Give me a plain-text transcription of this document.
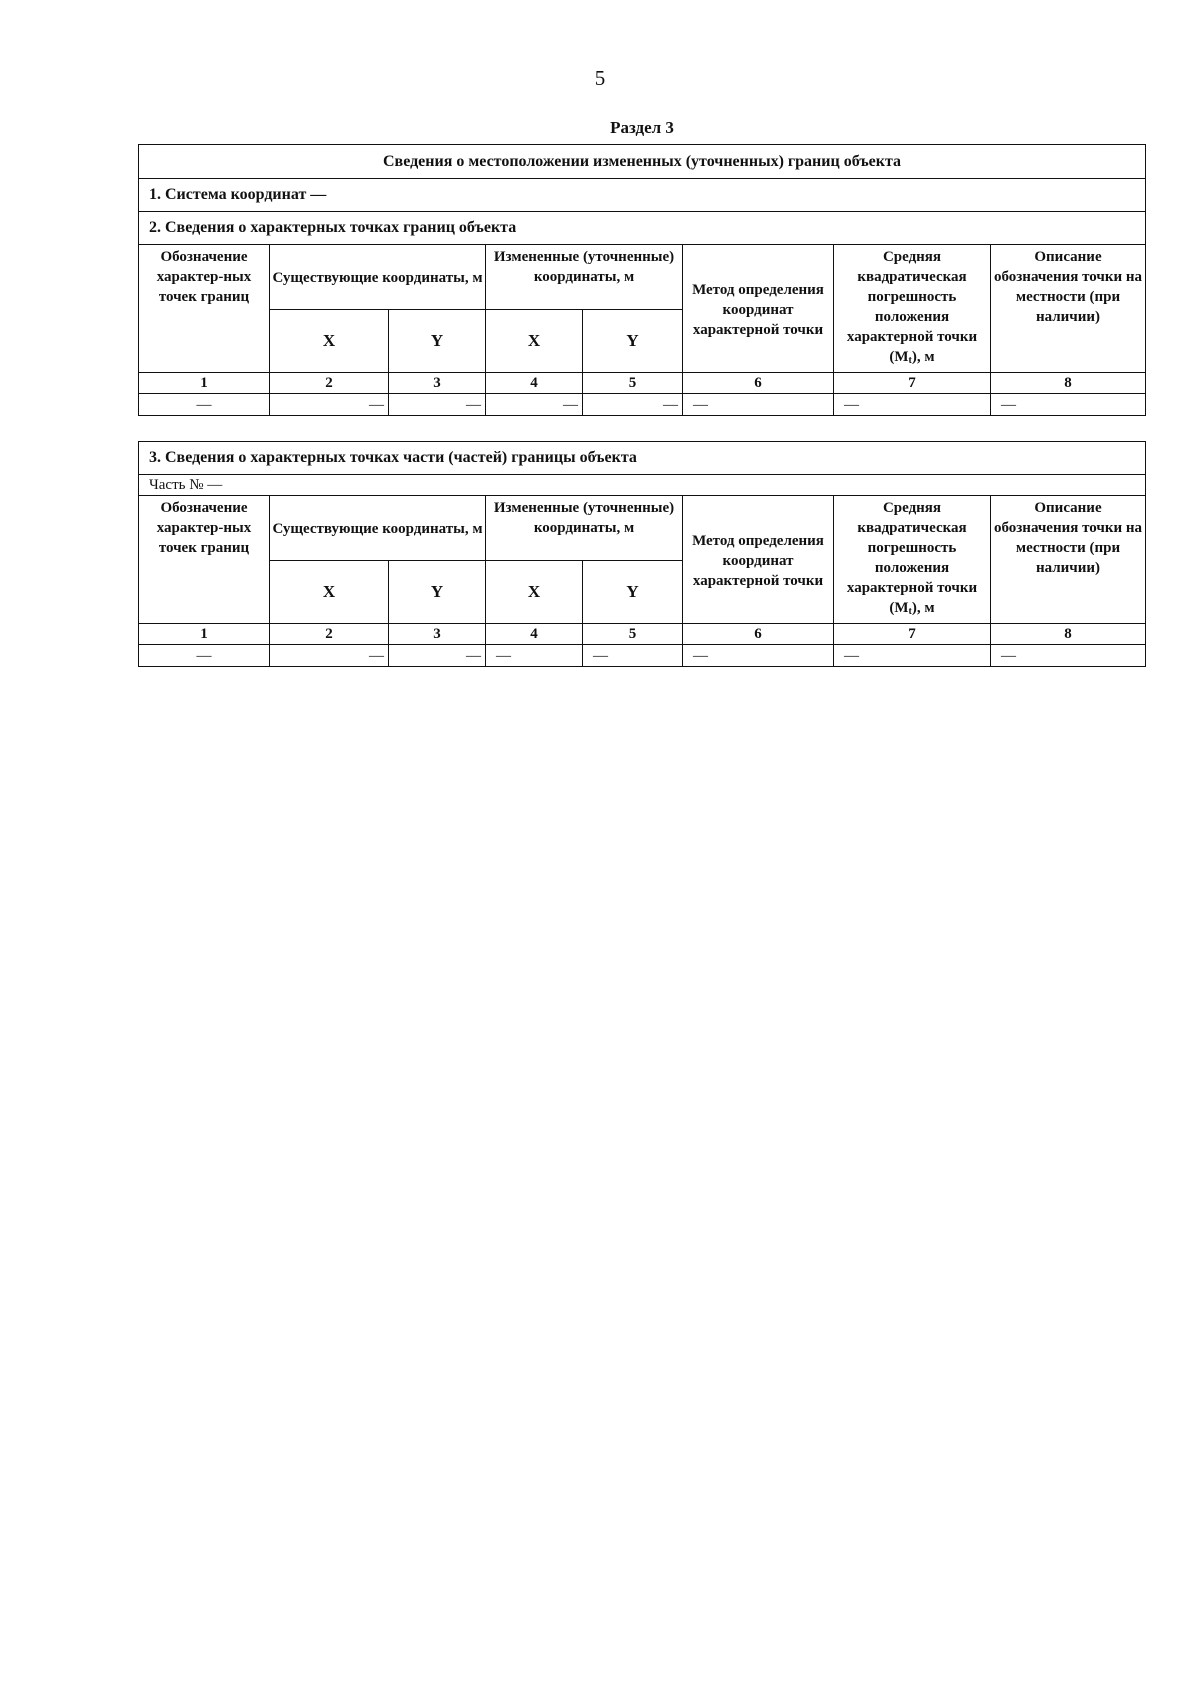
5
Раздел 3
Сведения о местоположении измененных (уточненных) границ объекта							
1. Система координат —							
2. Сведения о характерных точках границ объекта							
Обозначение характер-ных точек границ	Существующие координаты, м		Измененные (уточненные) координаты, м		Метод определения координат характерной точки	Средняя квадратическая погрешность положения характерной точки $(M_t)$, м	Описание обозначения точки на местности (при наличии)
	X	Y	X	Y			
1	2	3	4	5	6	7	8
—	—	—	—	—	—	—	—
3. Сведения о характерных точках части (частей) границы объекта							
Часть № —							
Обозначение характер-ных точек границ	Существующие координаты, м		Измененные (уточненные) координаты, м		Метод определения координат характерной точки	Средняя квадратическая погрешность положения характерной точки $(M_t)$, м	Описание обозначения точки на местности (при наличии)
	X	Y	X	Y			
1	2	3	4	5	6	7	8
—	—	—	—	—	—	—	—
